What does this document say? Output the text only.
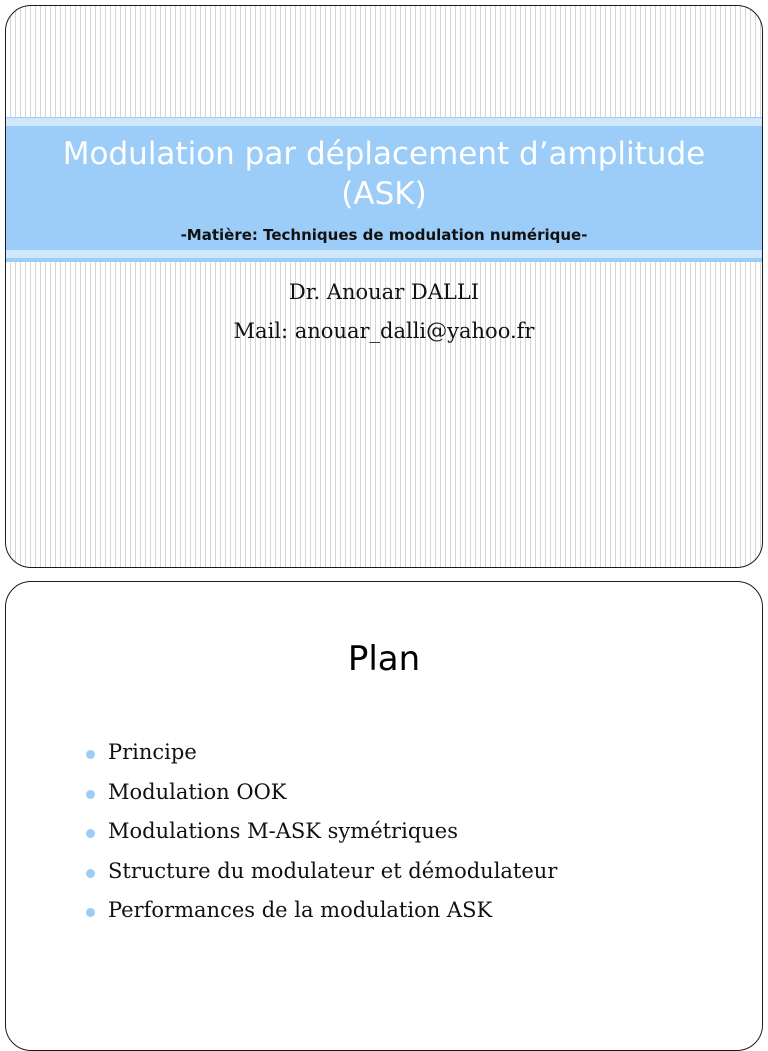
Modulation par déplacement d’amplitude
(ASK)
-Matière: Techniques de modulation numérique-
Dr. Anouar DALLI
Mail: anouar_dalli@yahoo.fr
Plan
Principe
Modulation OOK
Modulations M-ASK symétriques
Structure du modulateur et démodulateur
Performances de la modulation ASK
